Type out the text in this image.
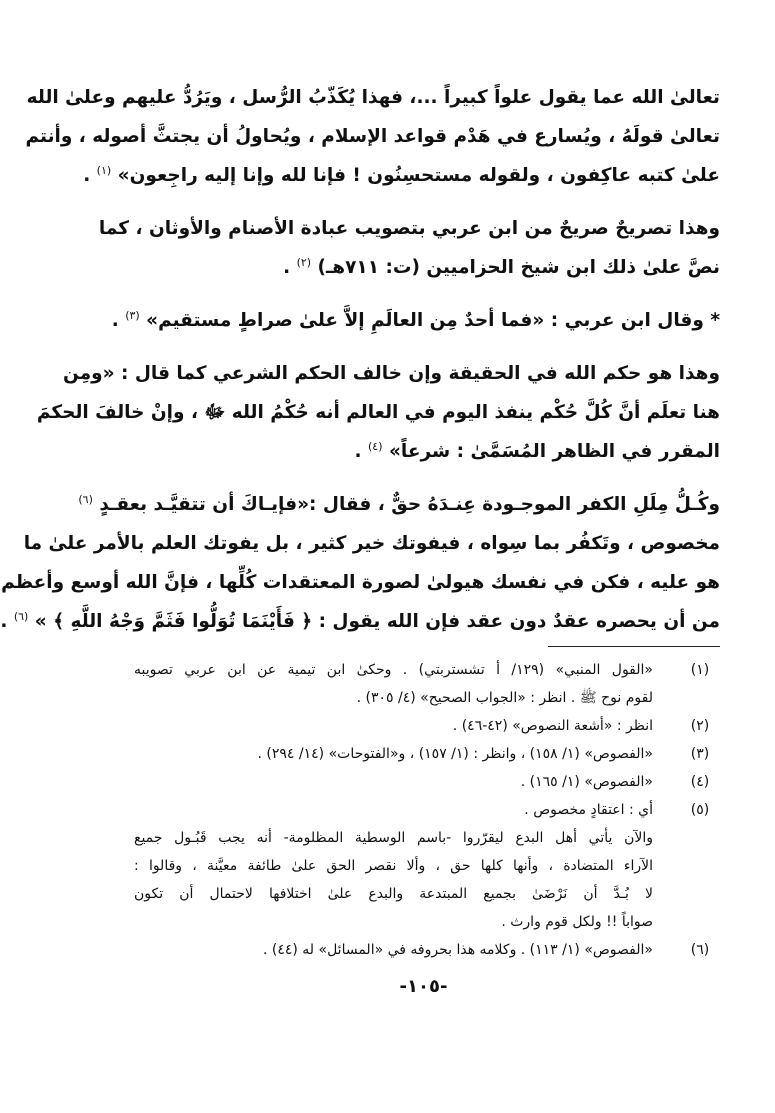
تعالىٰ الله عما يقول علواً كبيراً ...، فهذا يُكَذّبُ الرُّسل ، ويَرُدُّ عليهم وعلىٰ الله
تعالىٰ قولَهُ ، ويُسارع في هَدْم قواعد الإسلام ، ويُحاولُ أن يجتثَّ أصوله ، وأنتم
علىٰ كتبه عاكِفون ، ولقوله مستحسِنُون ! فإنا لله وإنا إليه راجِعون» $^{(١)}$ .

وهذا تصريحٌ صريحٌ من ابن عربي بتصويب عبادة الأصنام والأوثان ، كما
نصَّ علىٰ ذلك ابن شيخ الحزاميين (ت: ٧١١هـ) $^{(٢)}$ .

* وقال ابن عربي : «فما أحدٌ مِن العالَمِ إلاَّ علىٰ صراطٍ مستقيم» $^{(٣)}$ .

وهذا هو حكم الله في الحقيقة وإن خالف الحكم الشرعي كما قال : «ومِن
هنا تعلَم أنَّ كُلَّ حُكْم ينفذ اليوم في العالم أنه حُكْمُ الله ﷻ ، وإنْ خالفَ الحكمَ
المقرر في الظاهر المُسَمَّىٰ : شرعاً» $^{(٤)}$ .

وكُـلُّ مِلَلِ الكفر الموجـودة عِنـدَهُ حقٌّ ، فقال :«فإيـاكَ أن تتقيَّـد بعقـدٍ $^{(٦)}$
مخصوص ، وتَكفُر بما سِواه ، فيفوتك خير كثير ، بل يفوتك العلم بالأمر علىٰ ما
هو عليه ، فكن في نفسك هيولىٰ لصورة المعتقدات كُلِّها ، فإنَّ الله أوسع وأعظم
من أن يحصره عقدٌ دون عقد فإن الله يقول : ﴿ فَأَيْنَمَا تُوَلُّوا فَثَمَّ وَجْهُ اللَّهِ ﴾ » $^{(٦)}$ .

(١)
«القول المنبي» (١٢٩/ أ تشستربتي) . وحكىٰ ابن تيمية عن ابن عربي تصويبه
لقوم نوح ﷺ . انظر : «الجواب الصحيح» (٤/ ٣٠٥) .
(٢)
انظر : «أشعة النصوص» (٤٢-٤٦) .
(٣)
«الفصوص» (١/ ١٥٨) ، وانظر : (١/ ١٥٧) ، و«الفتوحات» (١٤/ ٢٩٤) .
(٤)
«الفصوص» (١/ ١٦٥) .
(٥)
أي : اعتقادٍ مخصوص .
والآن يأتي أهل البدع ليقرّروا -باسم الوسطية المظلومة- أنه يجب قَبُـول جميع
الآراء المتضادة ، وأنها كلها حق ، وألا نقصر الحق علىٰ طائفة معيَّنة ، وقالوا :
لا بُـدَّ أن نَرْضَىٰ بجميع المبتدعة والبدع علىٰ اختلافها لاحتمال أن تكون
صواباً !! ولكل قوم وارث .
(٦)
«الفصوص» (١/ ١١٣) . وكلامه هذا بحروفه في «المسائل» له (٤٤) .
-١٠٥-
